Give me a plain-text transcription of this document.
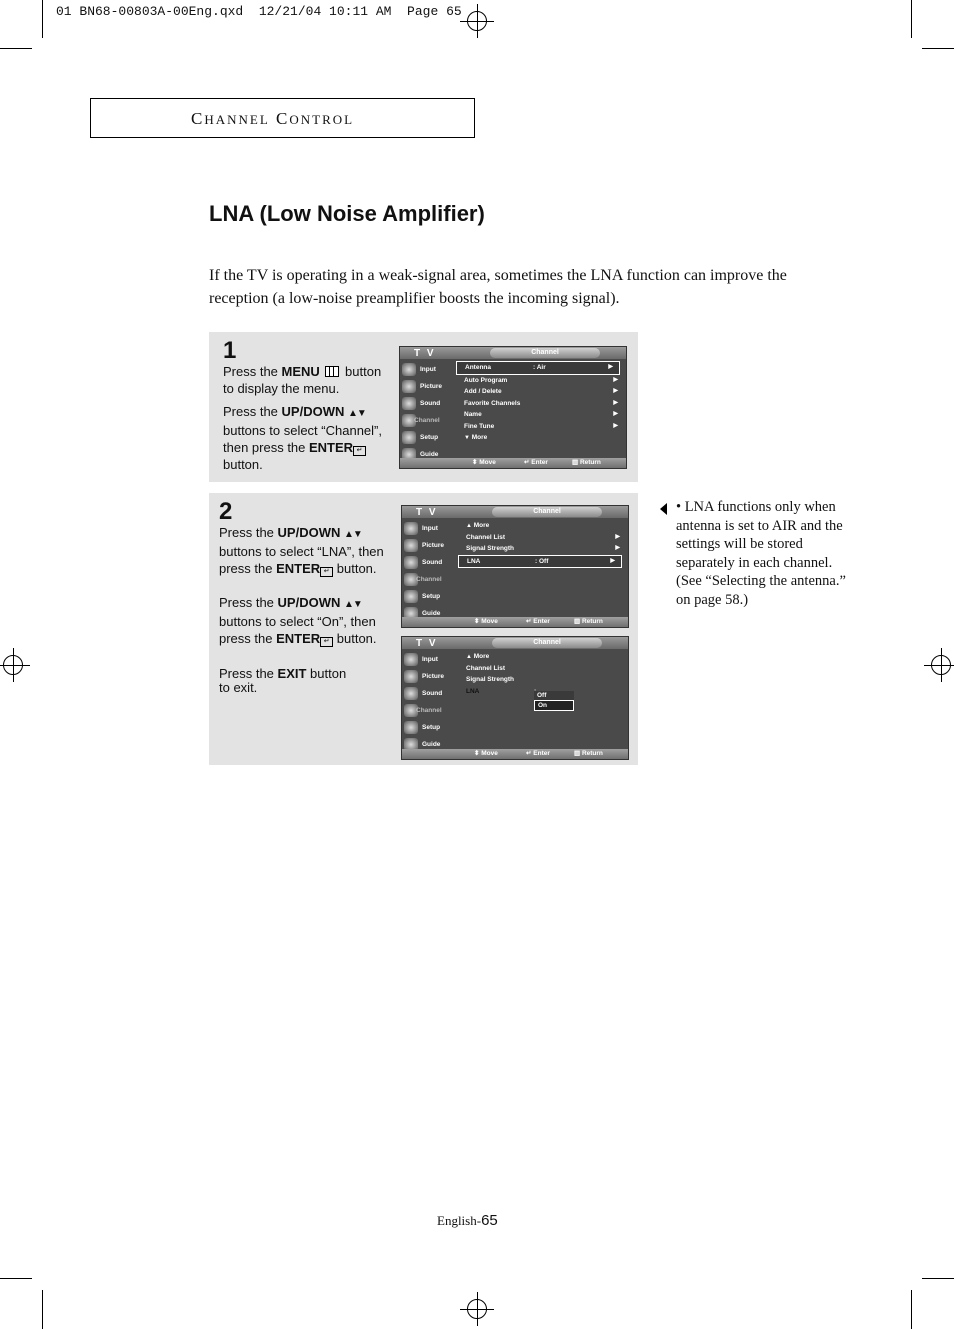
01 BN68-00803A-00Eng.qxd  12/21/04 10:11 AM  Page 65
CHANNEL CONTROL
LNA (Low Noise Amplifier)
If the TV is operating in a weak-signal area, sometimes the LNA function can improve the reception (a low-noise preamplifier boosts the incoming signal).
1

Press the MENU  button to display the menu.

Press the UP/DOWN ▲▼ buttons to select “Channel”, then press the ENTER ↵ button.

T V	Channel
Input
Picture
Sound
Channel
Setup
Guide
Antenna	: Air	▶
Auto Program	▶
Add / Delete	▶
Favorite Channels	▶
Name	▶
Fine Tune	▶
▼ More
⬍ Move	↵ Enter	▥ Return
2

Press the UP/DOWN ▲▼ buttons to select “LNA”, then press the ENTER ↵ button.

Press the UP/DOWN ▲▼ buttons to select “On”, then press the ENTER ↵ button.

Press the EXIT button to exit.

T V	Channel
Input
Picture
Sound
Channel
Setup
Guide
▲ More
Channel List	▶
Signal Strength	▶
LNA	: Off	▶
⬍ Move	↵ Enter	▥ Return
T V	Channel
Input
Picture
Sound
Channel
Setup
Guide
▲ More
Channel List
Signal Strength
LNA
Off
On
⬍ Move	↵ Enter	▥ Return
• LNA functions only when antenna is set to AIR and the settings will be stored separately in each channel. (See “Selecting the antenna.” on page 58.)
English-65
